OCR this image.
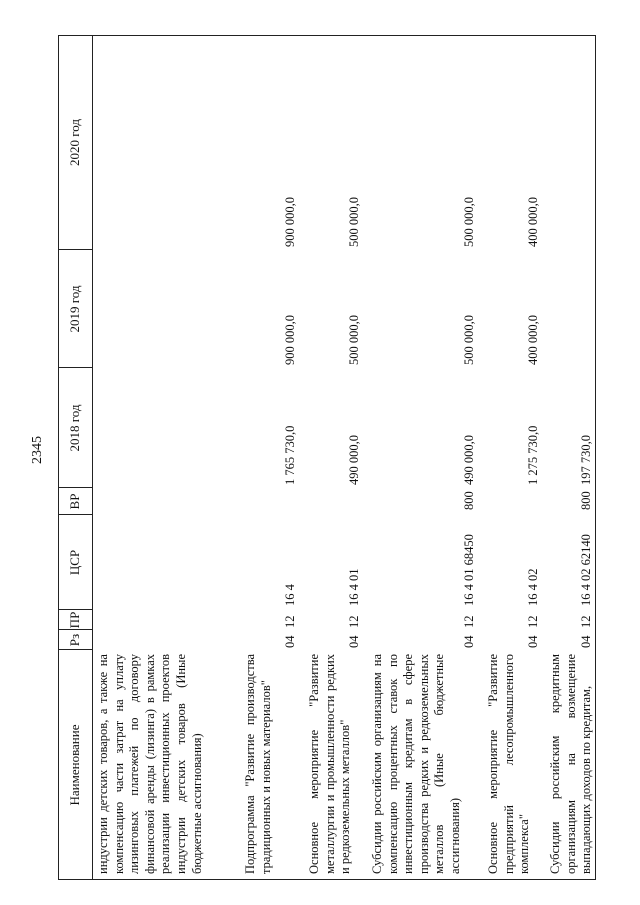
2345
Наименование
Рз
ПР
ЦСР
ВР
2018 год
2019 год
2020 год
индустрии детских товаров, а также на компенсацию части затрат на уплату лизинговых платежей по договору финансовой аренды (лизинга) в рамках реализации инвестиционных проектов индустрии детских товаров (Иные бюджетные ассигнования)	Подпрограмма "Развитие производства традиционных и новых материалов"
04
12
16 4
1 765 730,0
900 000,0
900 000,0
Основное мероприятие "Развитие металлургии и промышленности редких и редкоземельных металлов"
04
12
16 4 01
490 000,0
500 000,0
500 000,0
Субсидии российским организациям на компенсацию процентных ставок по инвестиционным кредитам в сфере производства редких и редкоземельных металлов (Иные бюджетные ассигнования)
04
12
16 4 01 68450
800
490 000,0
500 000,0
500 000,0
Основное мероприятие "Развитие предприятий лесопромышленного комплекса"
04
12
16 4 02
1 275 730,0
400 000,0
400 000,0
Субсидии российским кредитным организациям на возмещение выпадающих доходов по кредитам,
04
12
16 4 02 62140
800
197 730,0
